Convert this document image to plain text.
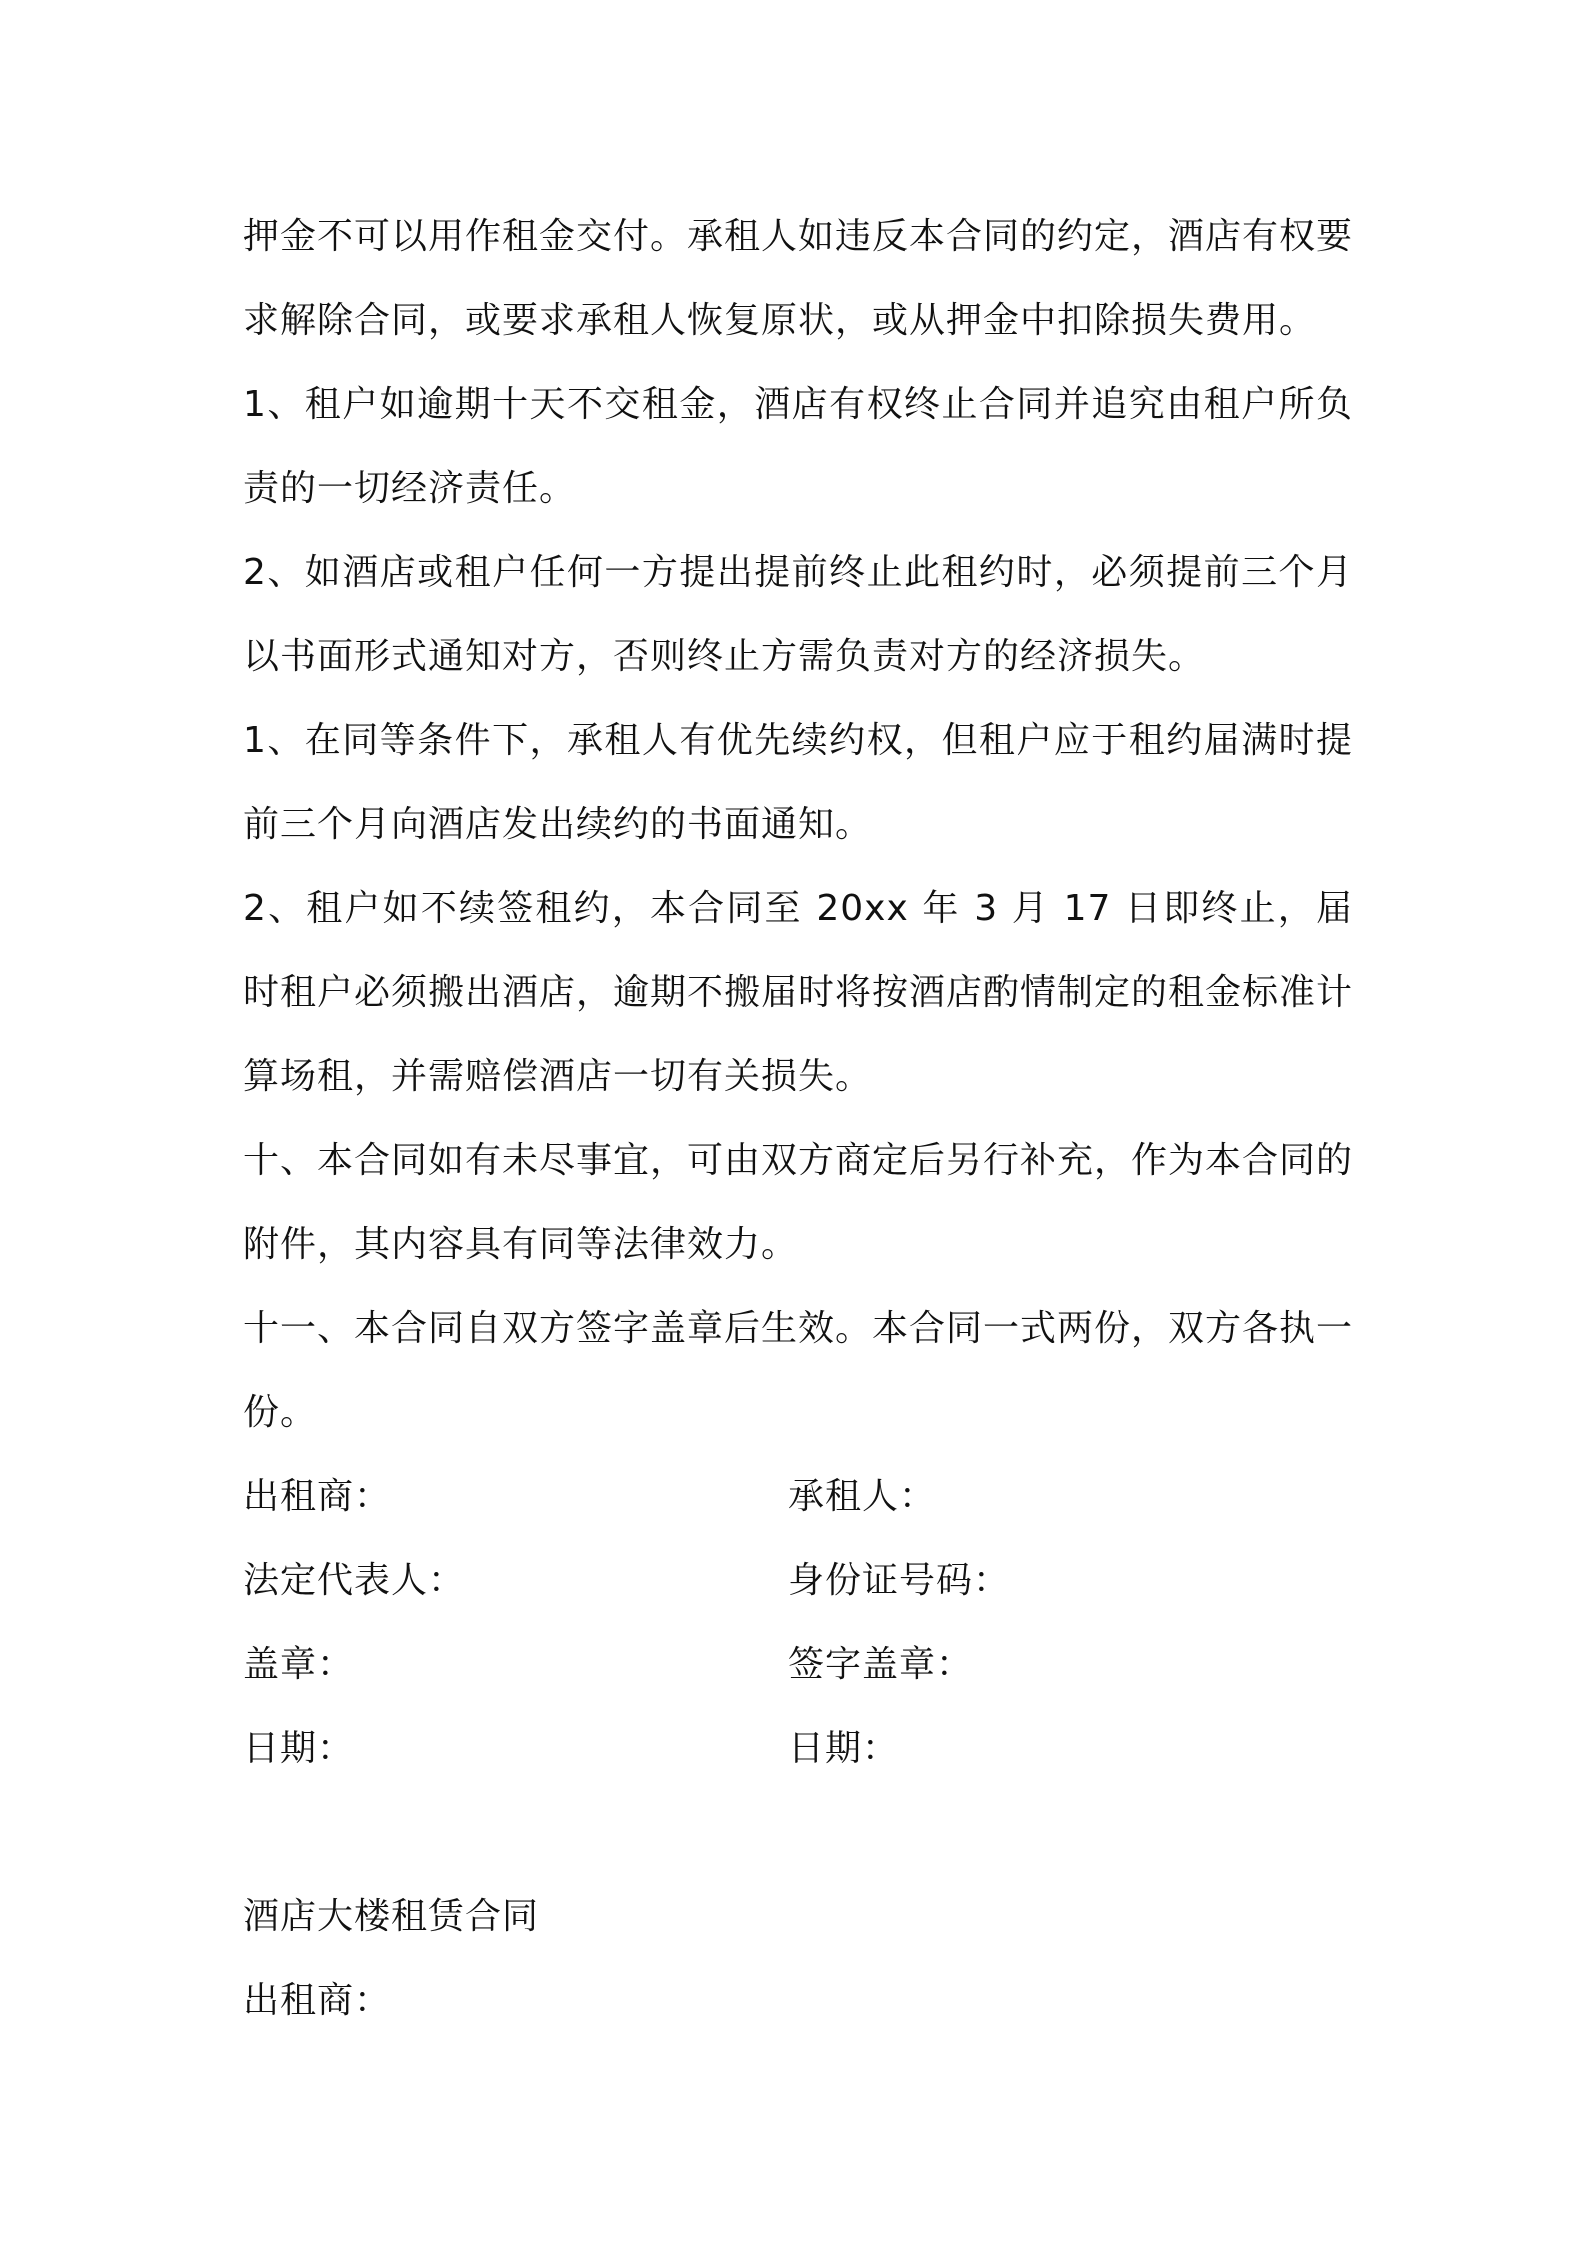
押金不可以用作租金交付。承租人如违反本合同的约定，酒店有权要求解除合同，或要求承租人恢复原状，或从押金中扣除损失费用。

1、租户如逾期十天不交租金，酒店有权终止合同并追究由租户所负责的一切经济责任。

2、如酒店或租户任何一方提出提前终止此租约时，必须提前三个月以书面形式通知对方，否则终止方需负责对方的经济损失。

1、在同等条件下，承租人有优先续约权，但租户应于租约届满时提前三个月向酒店发出续约的书面通知。

2、租户如不续签租约，本合同至 20xx 年 3 月 17 日即终止，届时租户必须搬出酒店，逾期不搬届时将按酒店酌情制定的租金标准计算场租，并需赔偿酒店一切有关损失。

十、本合同如有未尽事宜，可由双方商定后另行补充，作为本合同的附件，其内容具有同等法律效力。

十一、本合同自双方签字盖章后生效。本合同一式两份，双方各执一份。

出租商：	承租人：
法定代表人：	身份证号码：
盖章：	签字盖章：
日期：	日期：

酒店大楼租赁合同

出租商：
